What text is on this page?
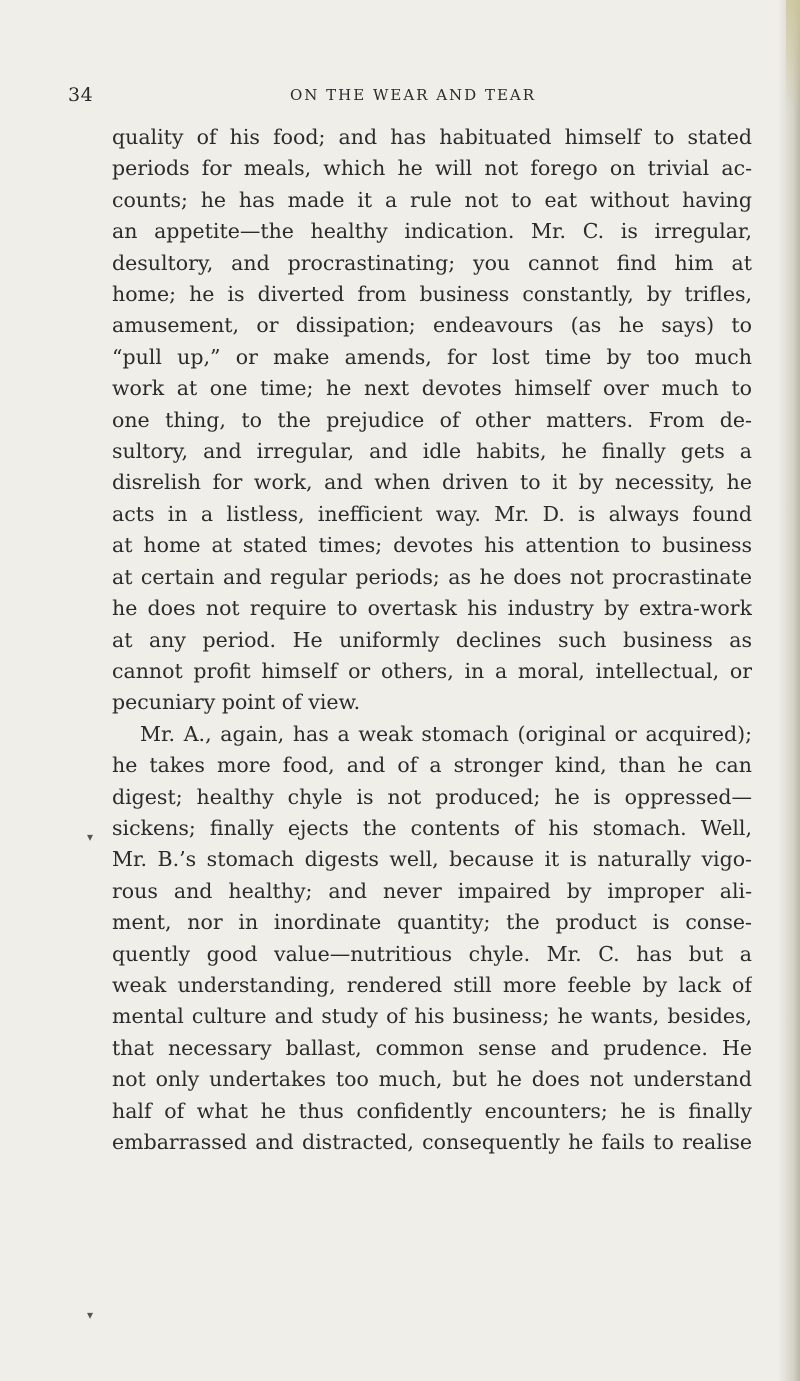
34	ON THE WEAR AND TEAR
quality of his food; and has habituated himself to stated
periods for meals, which he will not forego on trivial ac-
counts; he has made it a rule not to eat without having
an appetite—the healthy indication. Mr. C. is irregular,
desultory, and procrastinating; you cannot find him at
home; he is diverted from business constantly, by trifles,
amusement, or dissipation; endeavours (as he says) to
“pull up,” or make amends, for lost time by too much
work at one time; he next devotes himself over much to
one thing, to the prejudice of other matters. From de-
sultory, and irregular, and idle habits, he finally gets a
disrelish for work, and when driven to it by necessity, he
acts in a listless, inefficient way. Mr. D. is always found
at home at stated times; devotes his attention to business
at certain and regular periods; as he does not procrastinate
he does not require to overtask his industry by extra-work
at any period. He uniformly declines such business as
cannot profit himself or others, in a moral, intellectual, or
pecuniary point of view.
Mr. A., again, has a weak stomach (original or acquired);
he takes more food, and of a stronger kind, than he can
digest; healthy chyle is not produced; he is oppressed—
sickens; finally ejects the contents of his stomach. Well,
Mr. B.’s stomach digests well, because it is naturally vigo-
rous and healthy; and never impaired by improper ali-
ment, nor in inordinate quantity; the product is conse-
quently good value—nutritious chyle. Mr. C. has but a
weak understanding, rendered still more feeble by lack of
mental culture and study of his business; he wants, besides,
that necessary ballast, common sense and prudence. He
not only undertakes too much, but he does not understand
half of what he thus confidently encounters; he is finally
embarrassed and distracted, consequently he fails to realise
▾
▾
